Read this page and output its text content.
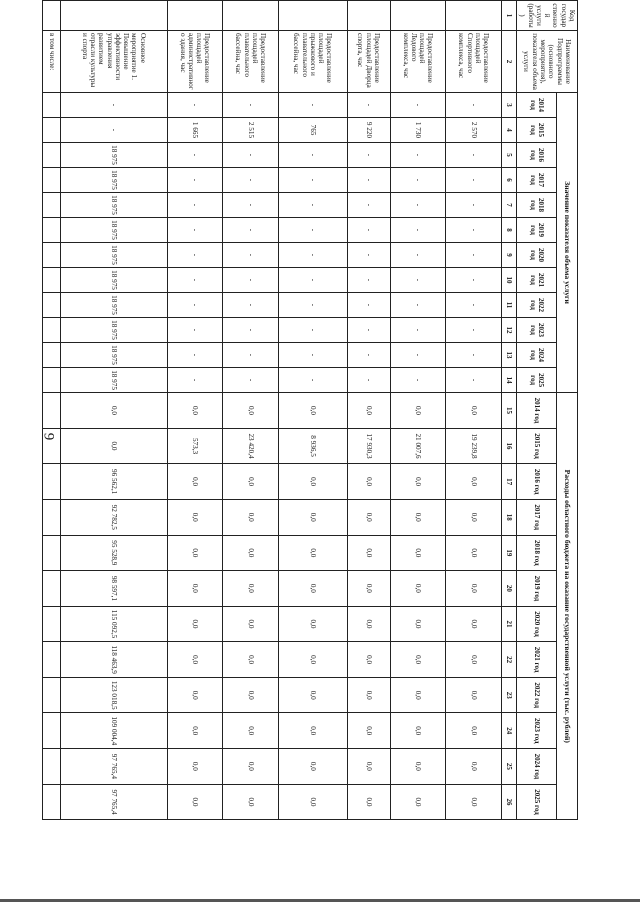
9
Код государственной услуги (работы)	Наименование Подпрограммы (основного мероприятия), показателя объема услуги	Значение показателя объема услуги												Расходы областного бюджета на оказание государственной услуги (тыс. рублей)											
		2014 год	2015 год	2016 год	2017 год	2018 год	2019 год	2020 год	2021 год	2022 год	2023 год	2024 год	2025 год	2014 год	2015 год	2016 год	2017 год	2018 год	2019 год	2020 год	2021 год	2022 год	2023 год	2024 год	2025 год
1	2	3	4	5	6	7	8	9	10	11	12	13	14	15	16	17	18	19	20	21	22	23	24	25	26
	Предоставление площадей Спортивного комплекса, час	-	2 570	-	-	-	-	-	-	-	-	-	-	0,0	19 239,8	0,0	0,0	0,0	0,0	0,0	0,0	0,0	0,0	0,0	0,0
	Предоставление площадей Ледового комплекса, час	-	1 730	-	-	-	-	-	-	-	-	-	-	0,0	21 007,6	0,0	0,0	0,0	0,0	0,0	0,0	0,0	0,0	0,0	0,0
	Предоставление площадей Дворца спорта, час	-	9 220	-	-	-	-	-	-	-	-	-	-	0,0	17 930,3	0,0	0,0	0,0	0,0	0,0	0,0	0,0	0,0	0,0	0,0
	Предоставление площадей прыжкового и плавательного бассейна, час	-	765	-	-	-	-	-	-	-	-	-	-	0,0	8 936,5	0,0	0,0	0,0	0,0	0,0	0,0	0,0	0,0	0,0	0,0
	Предоставление площадей плавательного бассейна, час	-	2 515	-	-	-	-	-	-	-	-	-	-	0,0	23 420,4	0,0	0,0	0,0	0,0	0,0	0,0	0,0	0,0	0,0	0,0
	Предоставление площадей административного здания, час	-	1 665	-	-	-	-	-	-	-	-	-	-	0,0	573,3	0,0	0,0	0,0	0,0	0,0	0,0	0,0	0,0	0,0	0,0
	Основное мероприятие 1. Повышение эффективности управления развитием отрасли культуры и спорта	-	-	18 975	18 975	18 975	18 975	18 975	18 975	18 975	18 975	18 975	18 975	0,0	0,0	96 562,1	92 782,5	95 528,9	98 597,1	115 092,5	118 463,9	123 018,5	109 004,4	97 765,4	97 765,4
	в том числе:																								
